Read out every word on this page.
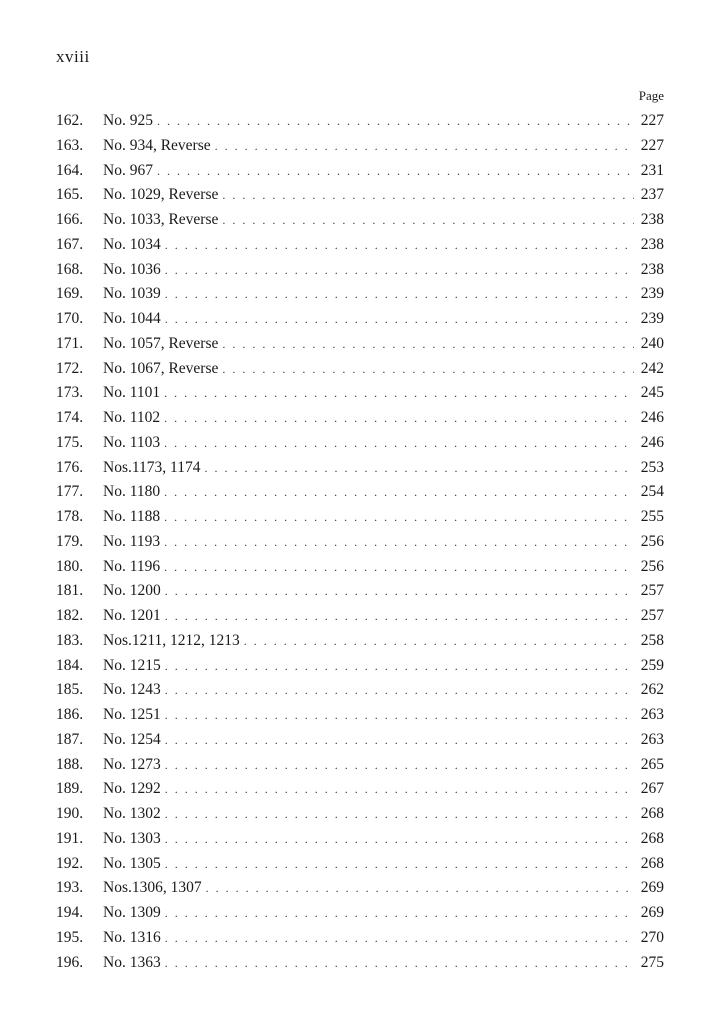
xviii
Page
162.	No. 925 . . .	227
163.	No. 934, Reverse . . .	227
164.	No. 967 . . .	231
165.	No. 1029, Reverse . . .	237
166.	No. 1033, Reverse . . .	238
167.	No. 1034 . . .	238
168.	No. 1036 . . .	238
169.	No. 1039 . . .	239
170.	No. 1044 . . .	239
171.	No. 1057, Reverse . . .	240
172.	No. 1067, Reverse . . .	242
173.	No. 1101 . . .	245
174.	No. 1102 . . .	246
175.	No. 1103 . . .	246
176.	Nos.1173, 1174 . . .	253
177.	No. 1180 . . .	254
178.	No. 1188 . . .	255
179.	No. 1193 . . .	256
180.	No. 1196 . . .	256
181.	No. 1200 . . .	257
182.	No. 1201 . . .	257
183.	Nos.1211, 1212, 1213 . . .	258
184.	No. 1215 . . .	259
185.	No. 1243 . . .	262
186.	No. 1251 . . .	263
187.	No. 1254 . . .	263
188.	No. 1273 . . .	265
189.	No. 1292 . . .	267
190.	No. 1302 . . .	268
191.	No. 1303 . . .	268
192.	No. 1305 . . .	268
193.	Nos.1306, 1307 . . .	269
194.	No. 1309 . . .	269
195.	No. 1316 . . .	270
196.	No. 1363 . . .	275
